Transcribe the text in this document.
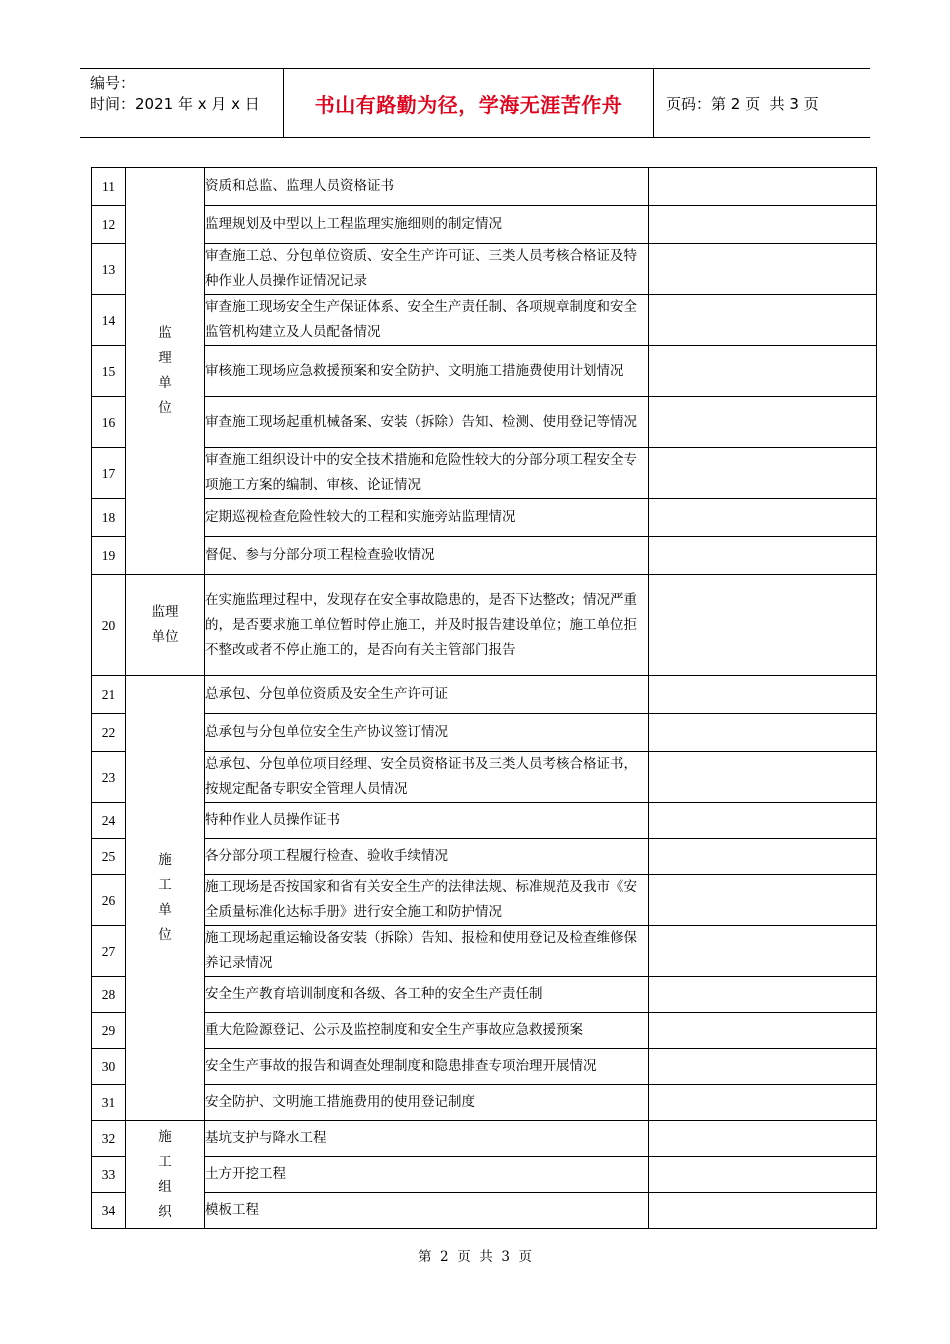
编号：
时间：2021 年 x 月 x 日	书山有路勤为径，学海无涯苦作舟	页码：第 2 页  共 3 页
11	监理单位	资质和总监、监理人员资格证书	
12		监理规划及中型以上工程监理实施细则的制定情况	
13		审查施工总、分包单位资质、安全生产许可证、三类人员考核合格证及特种作业人员操作证情况记录	
14		审查施工现场安全生产保证体系、安全生产责任制、各项规章制度和安全监管机构建立及人员配备情况	
15		审核施工现场应急救援预案和安全防护、文明施工措施费使用计划情况	
16		审查施工现场起重机械备案、安装（拆除）告知、检测、使用登记等情况	
17		审查施工组织设计中的安全技术措施和危险性较大的分部分项工程安全专项施工方案的编制、审核、论证情况	
18		定期巡视检查危险性较大的工程和实施旁站监理情况	
19		督促、参与分部分项工程检查验收情况	
20	监理单位	在实施监理过程中，发现存在安全事故隐患的，是否下达整改；情况严重的，是否要求施工单位暂时停止施工，并及时报告建设单位；施工单位拒不整改或者不停止施工的，是否向有关主管部门报告	
21	施工单位	总承包、分包单位资质及安全生产许可证	
22		总承包与分包单位安全生产协议签订情况	
23		总承包、分包单位项目经理、安全员资格证书及三类人员考核合格证书，按规定配备专职安全管理人员情况	
24		特种作业人员操作证书	
25		各分部分项工程履行检查、验收手续情况	
26		施工现场是否按国家和省有关安全生产的法律法规、标准规范及我市《安全质量标准化达标手册》进行安全施工和防护情况	
27		施工现场起重运输设备安装（拆除）告知、报检和使用登记及检查维修保养记录情况	
28		安全生产教育培训制度和各级、各工种的安全生产责任制	
29		重大危险源登记、公示及监控制度和安全生产事故应急救援预案	
30		安全生产事故的报告和调查处理制度和隐患排查专项治理开展情况	
31		安全防护、文明施工措施费用的使用登记制度	
32	施工组织	基坑支护与降水工程	
33		土方开挖工程	
34		模板工程	
第  2  页  共  3  页
